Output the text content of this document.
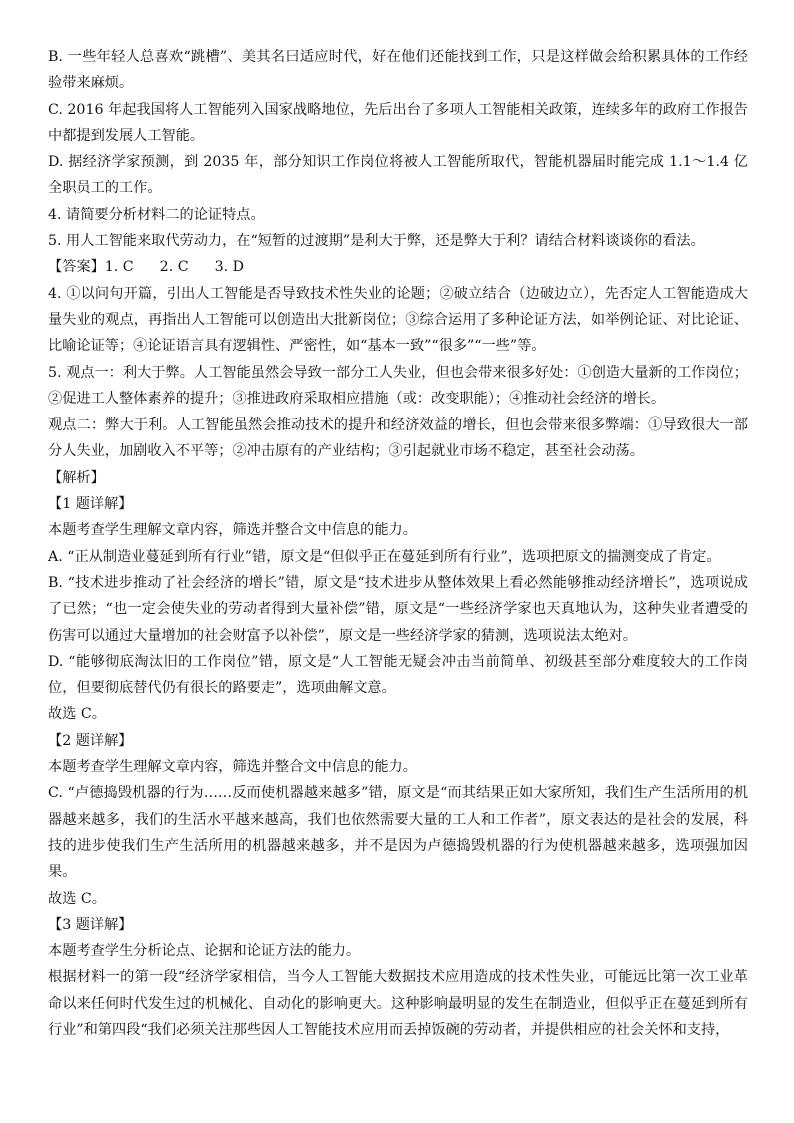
B. 一些年轻人总喜欢“跳槽”、美其名曰适应时代，好在他们还能找到工作，只是这样做会给积累具体的工作经验带来麻烦。

C. 2016 年起我国将人工智能列入国家战略地位，先后出台了多项人工智能相关政策，连续多年的政府工作报告中都提到发展人工智能。

D. 据经济学家预测，到 2035 年，部分知识工作岗位将被人工智能所取代，智能机器届时能完成 1.1～1.4 亿全职员工的工作。

4. 请简要分析材料二的论证特点。

5. 用人工智能来取代劳动力，在“短暂的过渡期”是利大于弊，还是弊大于利？请结合材料谈谈你的看法。

【答案】1. C 2. C 3. D

4. ①以问句开篇，引出人工智能是否导致技术性失业的论题；②破立结合（边破边立），先否定人工智能造成大量失业的观点，再指出人工智能可以创造出大批新岗位；③综合运用了多种论证方法，如举例论证、对比论证、比喻论证等；④论证语言具有逻辑性、严密性，如“基本一致”“很多”“一些”等。

5. 观点一：利大于弊。人工智能虽然会导致一部分工人失业，但也会带来很多好处：①创造大量新的工作岗位；②促进工人整体素养的提升；③推进政府采取相应措施（或：改变职能）；④推动社会经济的增长。

观点二：弊大于利。人工智能虽然会推动技术的提升和经济效益的增长，但也会带来很多弊端：①导致很大一部分人失业，加剧收入不平等；②冲击原有的产业结构；③引起就业市场不稳定，甚至社会动荡。

【解析】

【1 题详解】

本题考查学生理解文章内容，筛选并整合文中信息的能力。

A. “正从制造业蔓延到所有行业”错，原文是“但似乎正在蔓延到所有行业”，选项把原文的揣测变成了肯定。

B. “技术进步推动了社会经济的增长”错，原文是“技术进步从整体效果上看必然能够推动经济增长”，选项说成了已然；“也一定会使失业的劳动者得到大量补偿”错，原文是“一些经济学家也天真地认为，这种失业者遭受的伤害可以通过大量增加的社会财富予以补偿”，原文是一些经济学家的猜测，选项说法太绝对。

D. “能够彻底淘汰旧的工作岗位”错，原文是“人工智能无疑会冲击当前简单、初级甚至部分难度较大的工作岗位，但要彻底替代仍有很长的路要走”，选项曲解文意。

故选 C。

【2 题详解】

本题考查学生理解文章内容，筛选并整合文中信息的能力。

C. “卢德捣毁机器的行为……反而使机器越来越多”错，原文是“而其结果正如大家所知，我们生产生活所用的机器越来越多，我们的生活水平越来越高，我们也依然需要大量的工人和工作者”，原文表达的是社会的发展，科技的进步使我们生产生活所用的机器越来越多，并不是因为卢德捣毁机器的行为使机器越来越多，选项强加因果。

故选 C。

【3 题详解】

本题考查学生分析论点、论据和论证方法的能力。

根据材料一的第一段“经济学家相信，当今人工智能大数据技术应用造成的技术性失业，可能远比第一次工业革命以来任何时代发生过的机械化、自动化的影响更大。这种影响最明显的发生在制造业，但似乎正在蔓延到所有行业”和第四段“我们必须关注那些因人工智能技术应用而丢掉饭碗的劳动者，并提供相应的社会关怀和支持，
